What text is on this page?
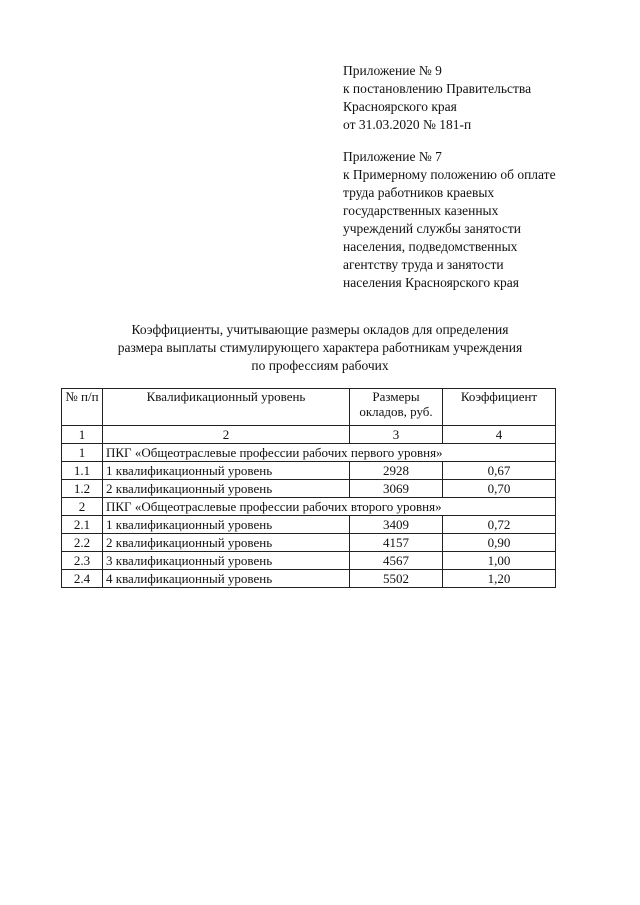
Приложение № 9
к постановлению Правительства
Красноярского края
от 31.03.2020 № 181-п
Приложение № 7
к Примерному положению об оплате
труда работников краевых
государственных казенных
учреждений службы занятости
населения, подведомственных
агентству труда и занятости
населения Красноярского края
Коэффициенты, учитывающие размеры окладов для определения
размера выплаты стимулирующего характера работникам учреждения
по профессиям рабочих
№ п/п	Квалификационный уровень	Размеры окладов, руб.	Коэффициент
1	2	3	4
1	ПКГ «Общеотраслевые профессии рабочих первого уровня»		
1.1	1 квалификационный уровень	2928	0,67
1.2	2 квалификационный уровень	3069	0,70
2	ПКГ «Общеотраслевые профессии рабочих второго уровня»		
2.1	1 квалификационный уровень	3409	0,72
2.2	2 квалификационный уровень	4157	0,90
2.3	3 квалификационный уровень	4567	1,00
2.4	4 квалификационный уровень	5502	1,20
